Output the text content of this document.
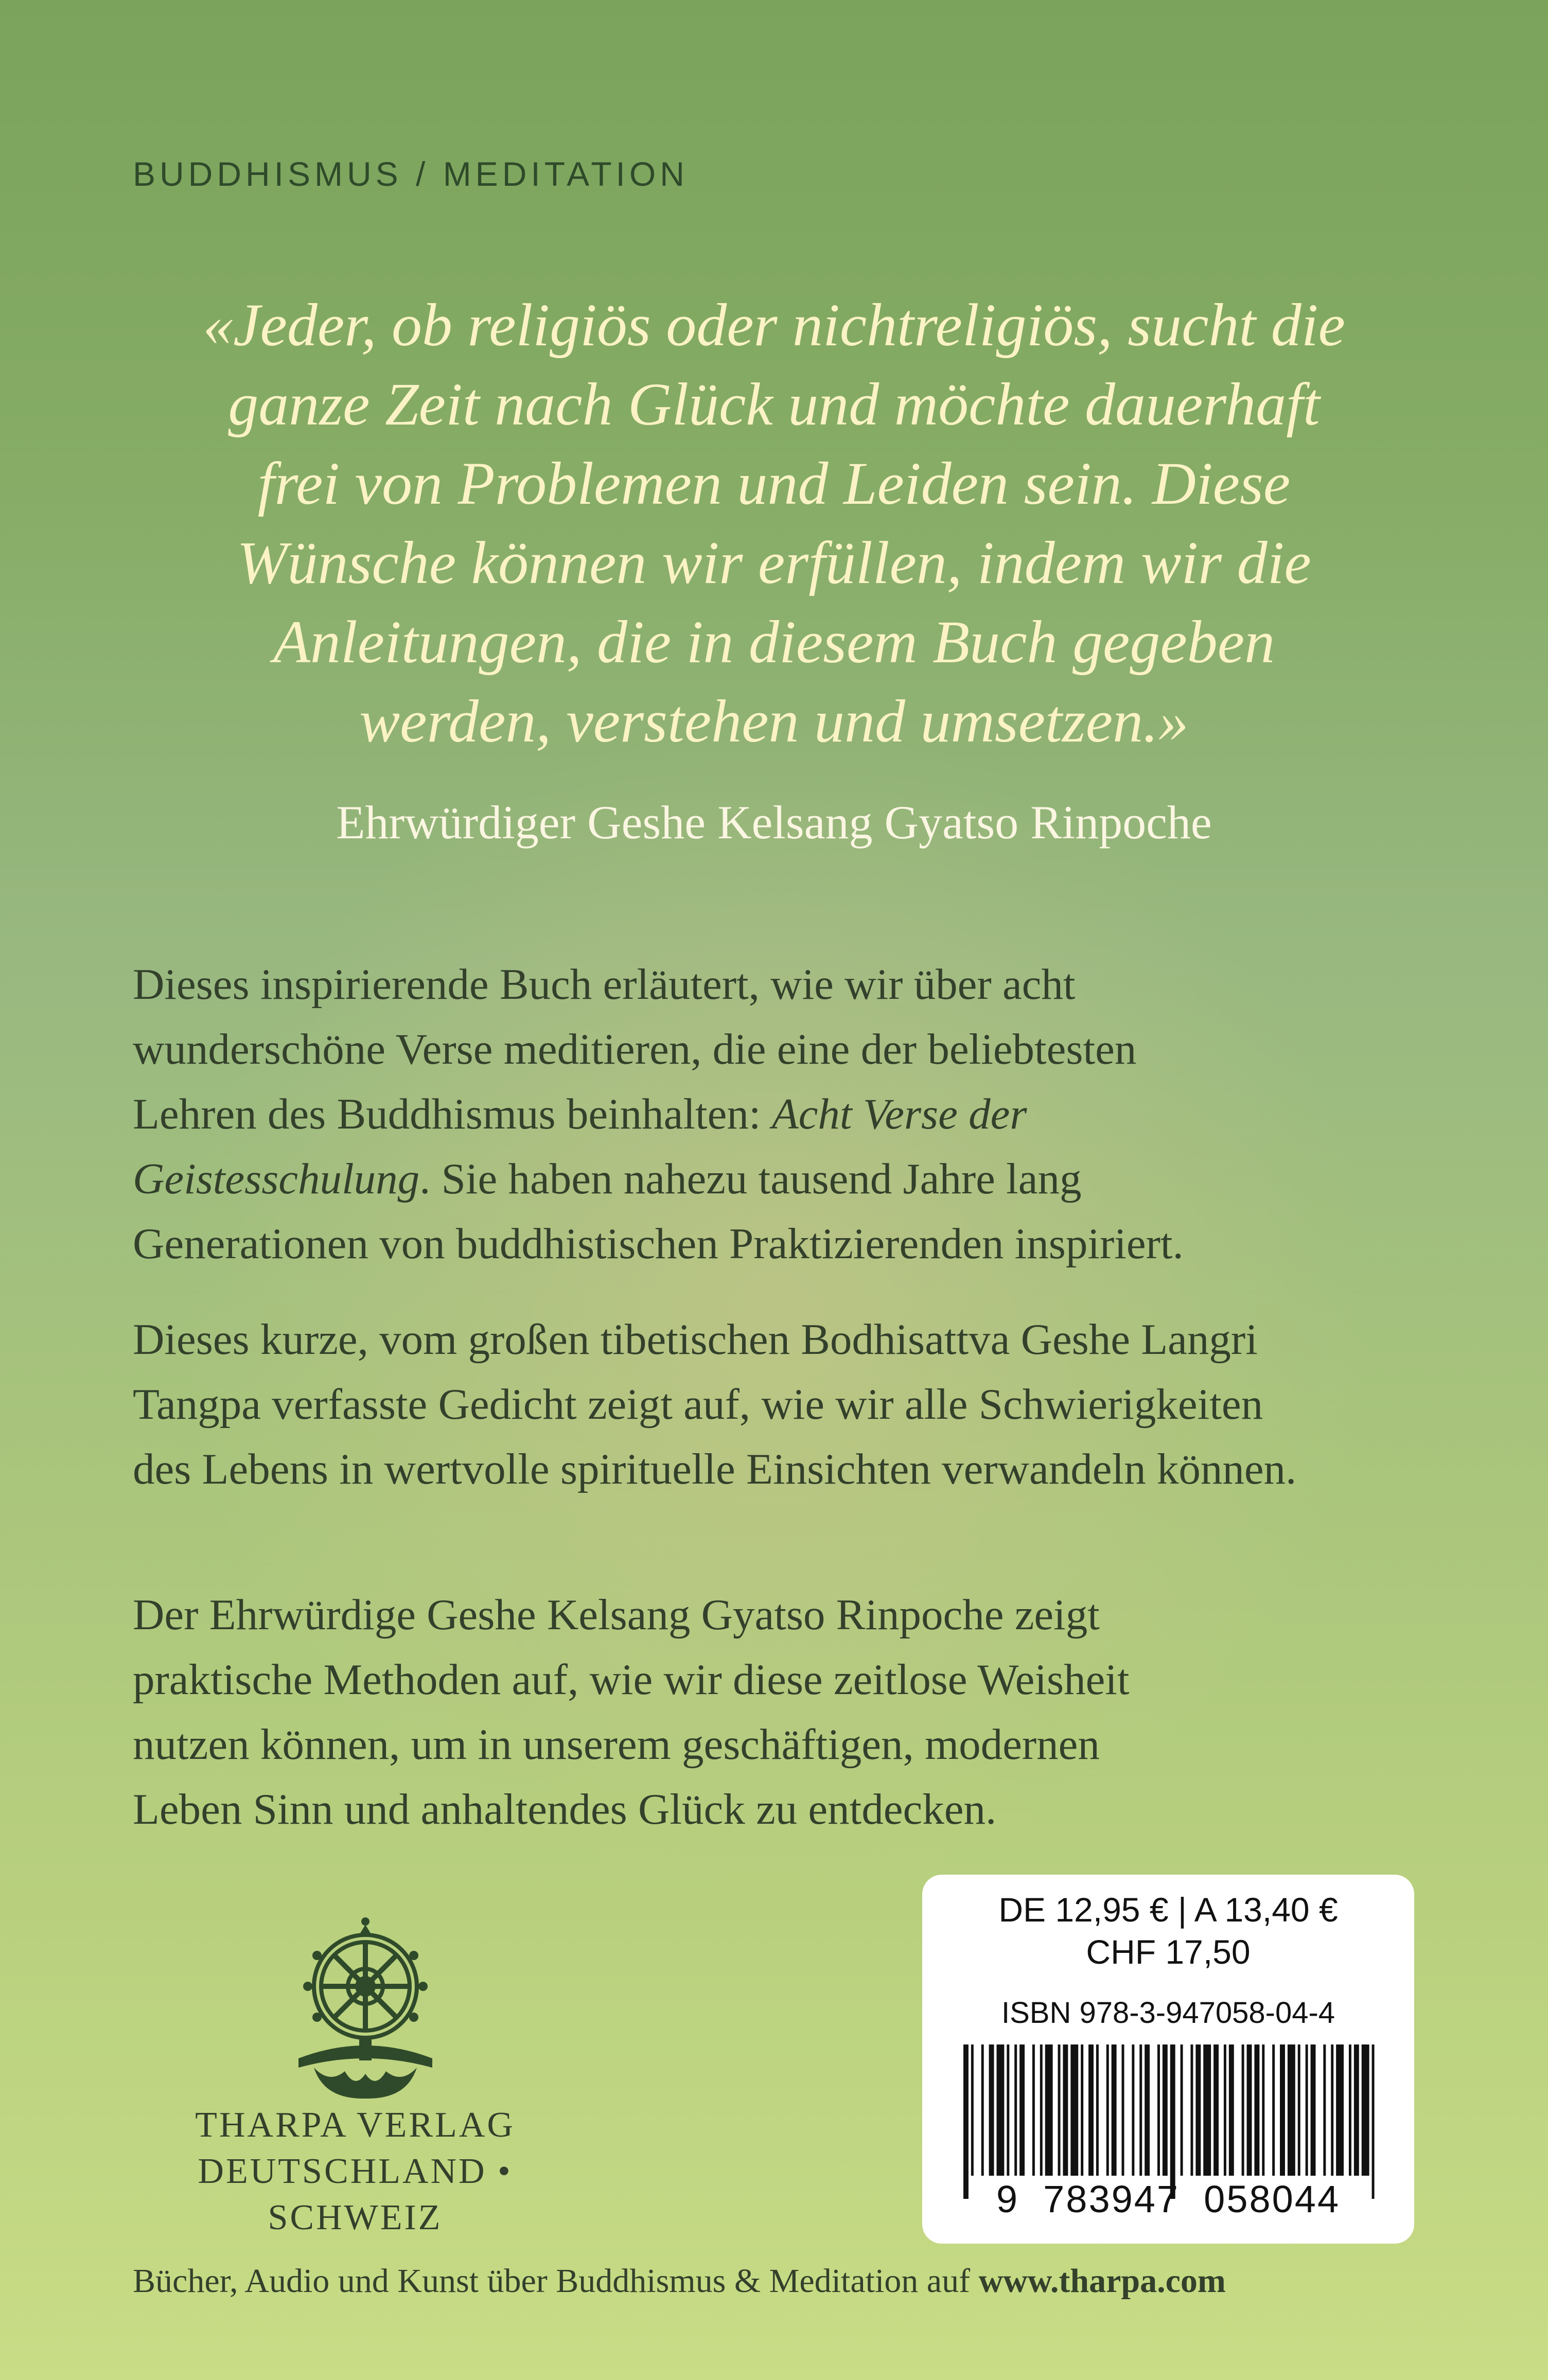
BUDDHISMUS / MEDITATION
«Jeder, ob religiös oder nichtreligiös, sucht die
ganze Zeit nach Glück und möchte dauerhaft
frei von Problemen und Leiden sein. Diese
Wünsche können wir erfüllen, indem wir die
Anleitungen, die in diesem Buch gegeben
werden, verstehen und umsetzen.»
Ehrwürdiger Geshe Kelsang Gyatso Rinpoche
Dieses inspirierende Buch erläutert, wie wir über acht
wunderschöne Verse meditieren, die eine der beliebtesten
Lehren des Buddhismus beinhalten: Acht Verse der
Geistesschulung. Sie haben nahezu tausend Jahre lang
Generationen von buddhistischen Praktizierenden inspiriert.
Dieses kurze, vom großen tibetischen Bodhisattva Geshe Langri
Tangpa verfasste Gedicht zeigt auf, wie wir alle Schwierigkeiten
des Lebens in wertvolle spirituelle Einsichten verwandeln können.
Der Ehrwürdige Geshe Kelsang Gyatso Rinpoche zeigt
praktische Methoden auf, wie wir diese zeitlose Weisheit
nutzen können, um in unserem geschäftigen, modernen
Leben Sinn und anhaltendes Glück zu entdecken.
THARPA VERLAG
DEUTSCHLAND • SCHWEIZ
DE 12,95 € | A 13,40 €
CHF 17,50
ISBN 978-3-947058-04-4
9  783947  058044
Bücher, Audio und Kunst über Buddhismus & Meditation auf www.tharpa.com
